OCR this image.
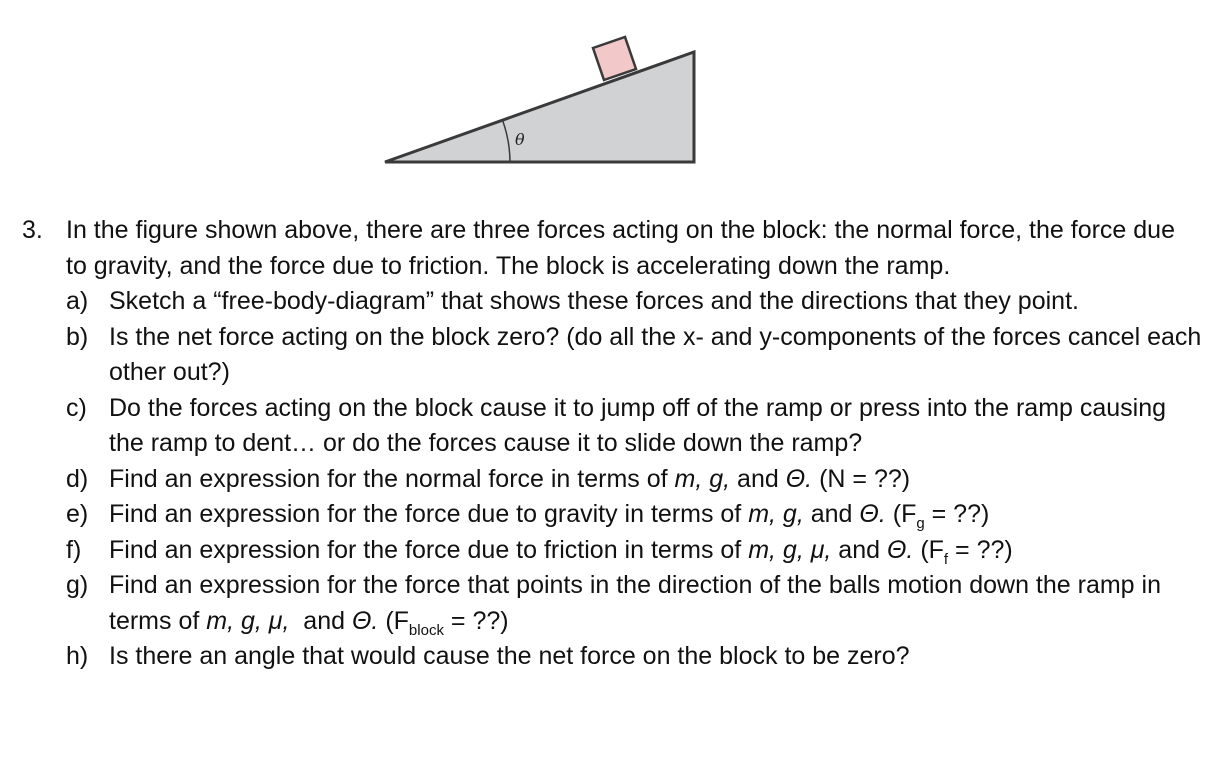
θ
3. In the figure shown above, there are three forces acting on the block: the normal force, the force due to gravity, and the force due to friction. The block is accelerating down the ramp.
a) Sketch a “free-body-diagram” that shows these forces and the directions that they point.
b) Is the net force acting on the block zero? (do all the x- and y-components of the forces cancel each other out?)
c) Do the forces acting on the block cause it to jump off of the ramp or press into the ramp causing the ramp to dent… or do the forces cause it to slide down the ramp?
d) Find an expression for the normal force in terms of m, g, and Θ. (N = ??)
e) Find an expression for the force due to gravity in terms of m, g, and Θ. ($F_g$ = ??)
f)	Find an expression for the force due to friction in terms of m, g, μ, and Θ. ($F_f$ = ??)
g) Find an expression for the force that points in the direction of the balls motion down the ramp in terms of m, g, μ,  and Θ. ($F_{block}$ = ??)
h) Is there an angle that would cause the net force on the block to be zero?
